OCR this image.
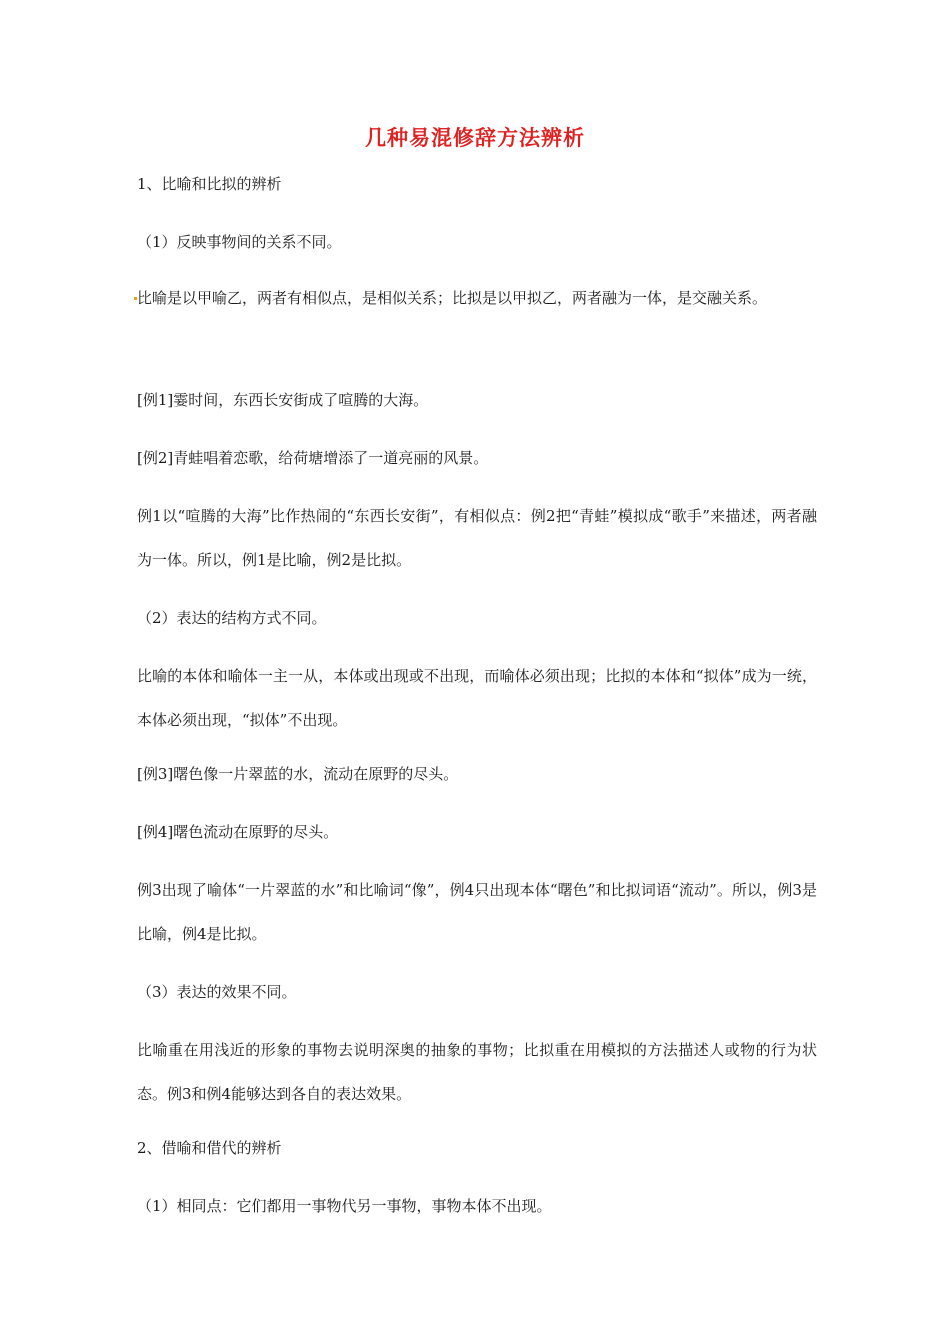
几种易混修辞方法辨析
1、比喻和比拟的辨析
（1）反映事物间的关系不同。
比喻是以甲喻乙，两者有相似点，是相似关系；比拟是以甲拟乙，两者融为一体，是交融关系。
[例1]霎时间，东西长安街成了喧腾的大海。
[例2]青蛙唱着恋歌，给荷塘增添了一道亮丽的风景。
例1以“喧腾的大海”比作热闹的“东西长安街”，有相似点：例2把“青蛙”模拟成“歌手”来描述，两者融为一体。所以，例1是比喻，例2是比拟。
（2）表达的结构方式不同。
比喻的本体和喻体一主一从，本体或出现或不出现，而喻体必须出现；比拟的本体和“拟体”成为一统，本体必须出现，“拟体”不出现。
[例3]曙色像一片翠蓝的水，流动在原野的尽头。
[例4]曙色流动在原野的尽头。
例3出现了喻体“一片翠蓝的水”和比喻词“像”，例4只出现本体“曙色”和比拟词语“流动”。所以，例3是比喻，例4是比拟。
（3）表达的效果不同。
比喻重在用浅近的形象的事物去说明深奥的抽象的事物；比拟重在用模拟的方法描述人或物的行为状态。例3和例4能够达到各自的表达效果。
2、借喻和借代的辨析
（1）相同点：它们都用一事物代另一事物，事物本体不出现。
